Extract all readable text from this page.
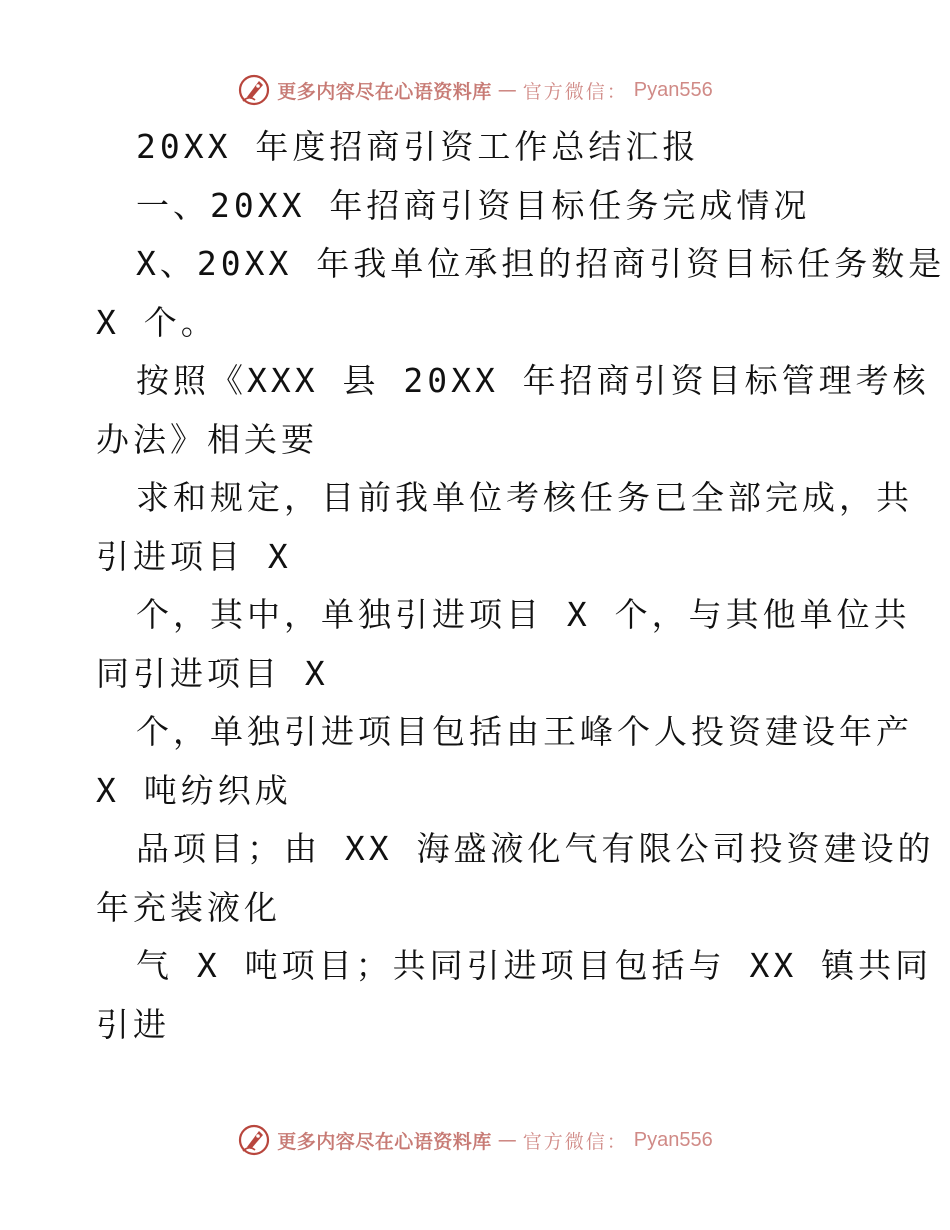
更多内容尽在心语资料库 — 官方微信： Pyan556
20XX 年度招商引资工作总结汇报
一、20XX 年招商引资目标任务完成情况
X、20XX 年我单位承担的招商引资目标任务数是
X 个。
按照《XXX 县 20XX 年招商引资目标管理考核
办法》相关要
求和规定，目前我单位考核任务已全部完成，共
引进项目 X
个，其中，单独引进项目 X 个，与其他单位共
同引进项目 X
个，单独引进项目包括由王峰个人投资建设年产
X 吨纺织成
品项目；由 XX 海盛液化气有限公司投资建设的
年充装液化
气 X 吨项目；共同引进项目包括与 XX 镇共同
引进
更多内容尽在心语资料库 — 官方微信： Pyan556
